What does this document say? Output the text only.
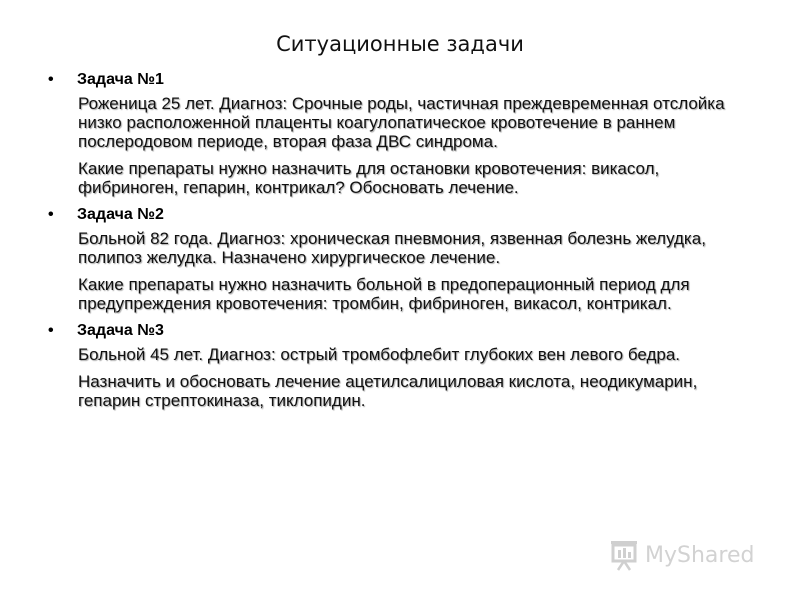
Ситуационные задачи
• Задача №1

Роженица 25 лет. Диагноз: Срочные роды, частичная преждевременная отслойка низко расположенной плаценты коагулопатическое кровотечение в раннем послеродовом периоде, вторая фаза ДВС синдрома.

Какие препараты нужно назначить для остановки кровотечения: викасол, фибриноген, гепарин, контрикал? Обосновать лечение.

• Задача №2

Больной 82 года. Диагноз: хроническая пневмония, язвенная болезнь желудка, полипоз желудка. Назначено хирургическое лечение.

Какие препараты нужно назначить больной в предоперационный период для предупреждения кровотечения: тромбин, фибриноген, викасол, контрикал.

• Задача №3

Больной 45 лет. Диагноз: острый тромбофлебит глубоких вен левого бедра.

Назначить и обосновать лечение ацетилсалициловая кислота, неодикумарин, гепарин стрептокиназа, тиклопидин.

MyShared
